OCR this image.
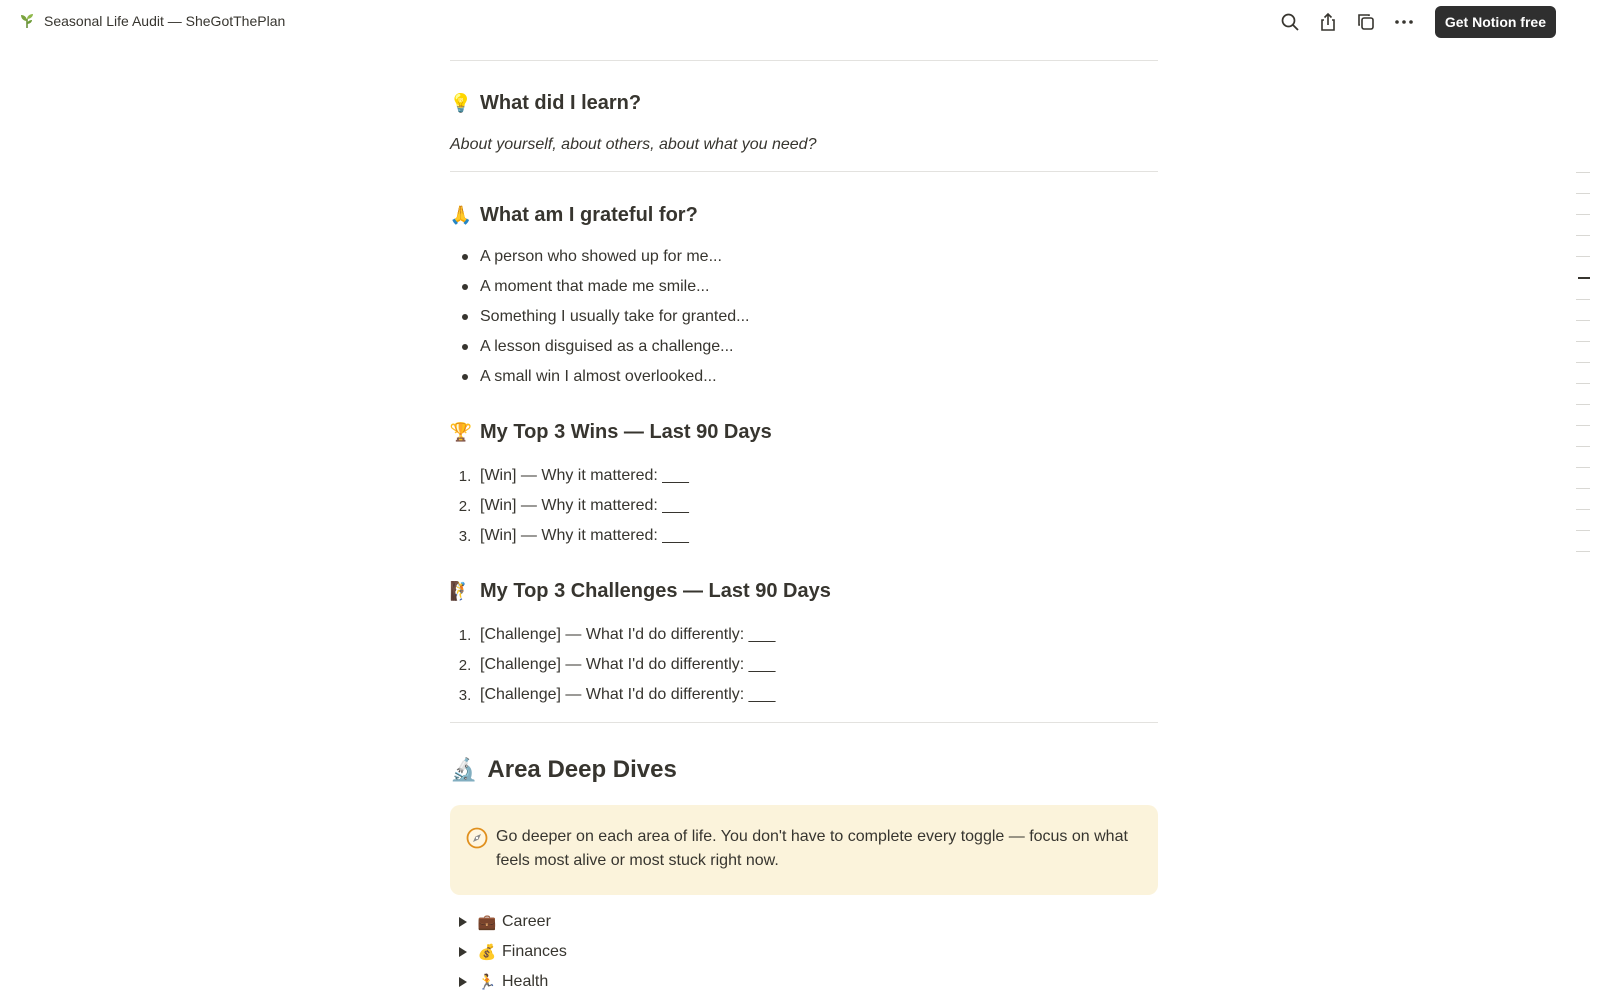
Seasonal Life Audit — SheGotThePlan	Get Notion free
💡 What did I learn?
About yourself, about others, about what you need?
🙏 What am I grateful for?
A person who showed up for me...
A moment that made me smile...
Something I usually take for granted...
A lesson disguised as a challenge...
A small win I almost overlooked...
🏆 My Top 3 Wins — Last 90 Days
1. [Win] — Why it mattered: ___
2. [Win] — Why it mattered: ___
3. [Win] — Why it mattered: ___
🧗 My Top 3 Challenges — Last 90 Days
1. [Challenge] — What I'd do differently: ___
2. [Challenge] — What I'd do differently: ___
3. [Challenge] — What I'd do differently: ___
🔬 Area Deep Dives
Go deeper on each area of life. You don't have to complete every toggle — focus on what feels most alive or most stuck right now.
💼 Career
💰 Finances
🏃 Health
